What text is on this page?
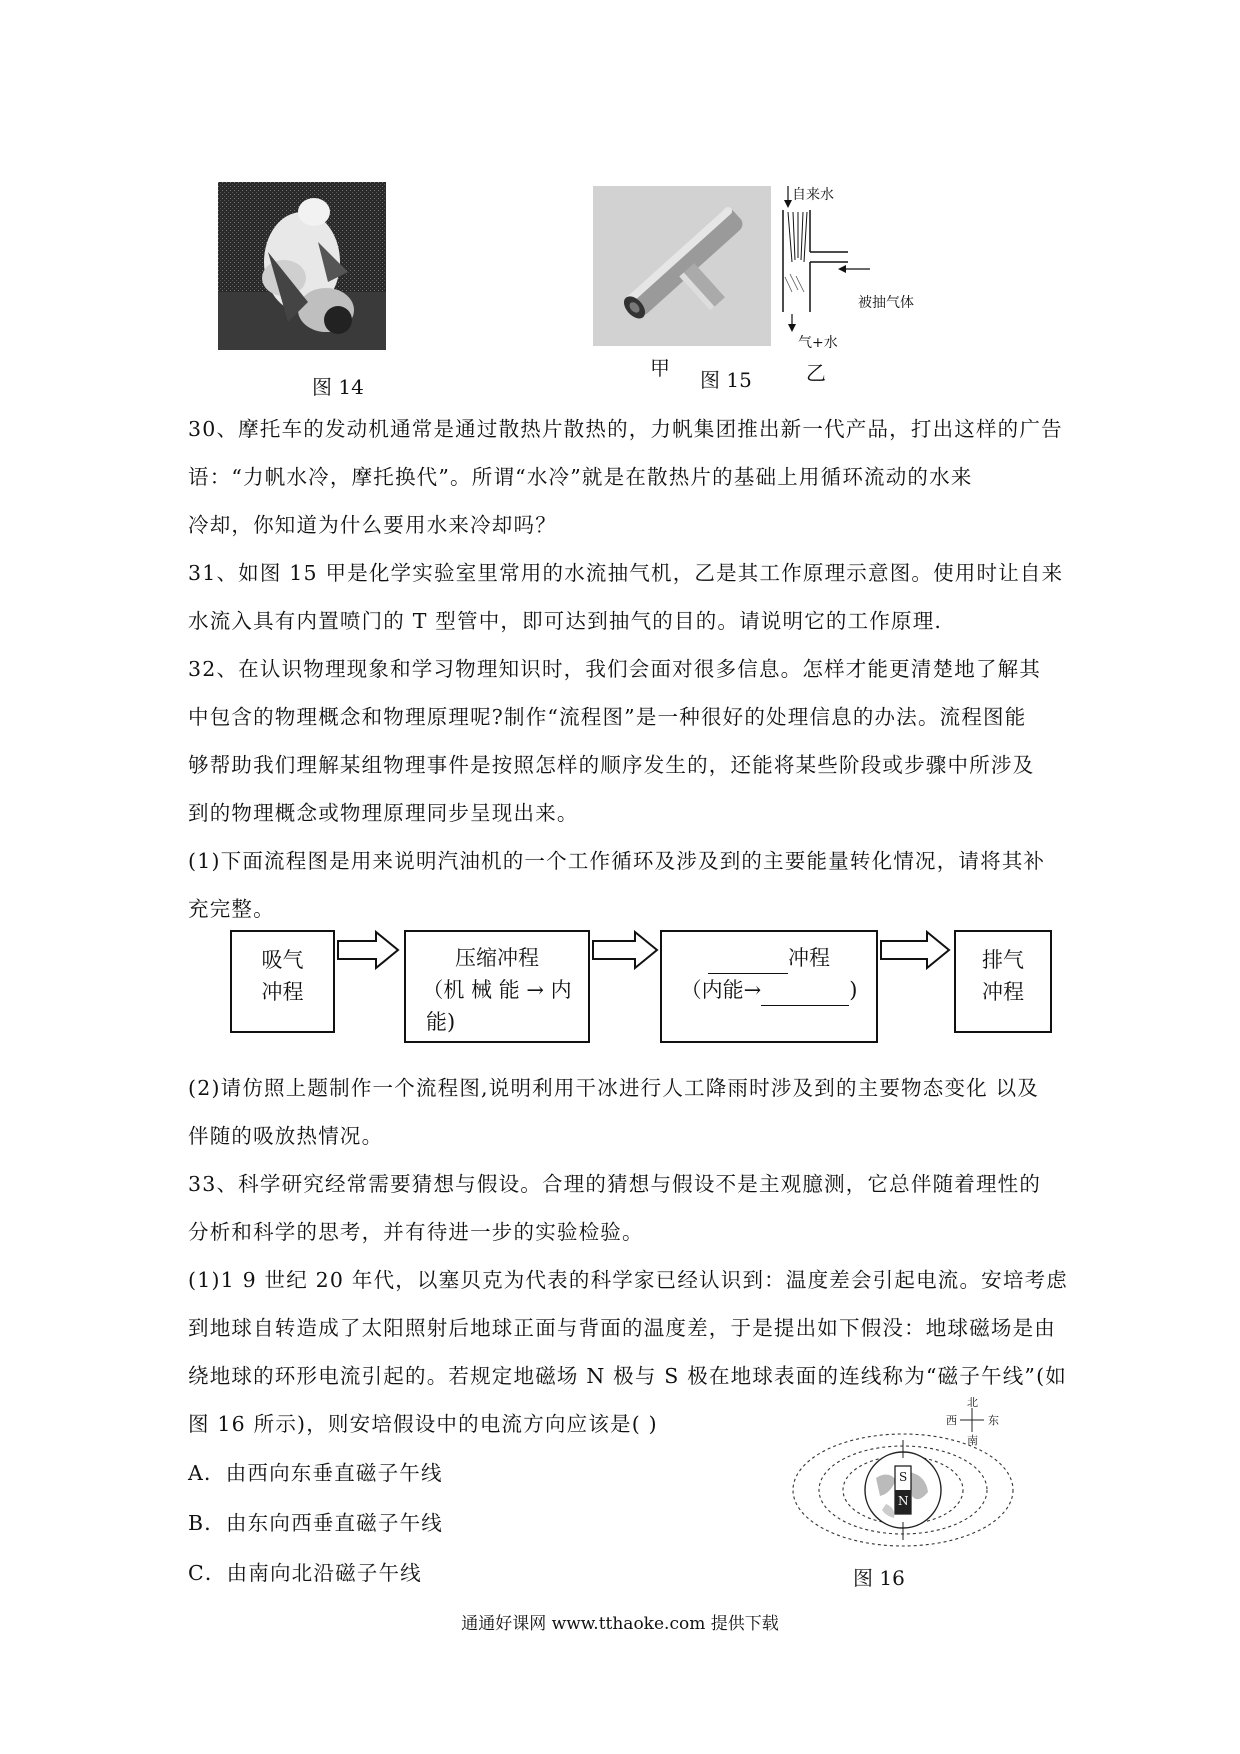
图 14
甲 图 15
自来水
被抽气体
气+水
乙
30、摩托车的发动机通常是通过散热片散热的，力帆集团推出新一代产品，打出这样的广告
语：“力帆水冷，摩托换代”。所谓“水冷”就是在散热片的基础上用循环流动的水来
冷却，你知道为什么要用水来冷却吗？
31、如图 15 甲是化学实验室里常用的水流抽气机，乙是其工作原理示意图。使用时让自来
水流入具有内置喷门的 T 型管中，即可达到抽气的目的。请说明它的工作原理.
32、在认识物理现象和学习物理知识时，我们会面对很多信息。怎样才能更清楚地了解其
中包含的物理概念和物理原理呢?制作“流程图”是一种很好的处理信息的办法。流程图能
够帮助我们理解某组物理事件是按照怎样的顺序发生的，还能将某些阶段或步骤中所涉及
到的物理概念或物理原理同步呈现出来。
(1)下面流程图是用来说明汽油机的一个工作循环及涉及到的主要能量转化情况，请将其补
充完整。
吸气
冲程
压缩冲程
（机 械 能 → 内
能)
冲程
（内能→	)
排气
冲程
(2)请仿照上题制作一个流程图,说明利用干冰进行人工降雨时涉及到的主要物态变化 以及
伴随的吸放热情况。
33、科学研究经常需要猜想与假设。合理的猜想与假设不是主观臆测，它总伴随着理性的
分析和科学的思考，并有待进一步的实验检验。
(1)1 9 世纪 20 年代，以塞贝克为代表的科学家已经认识到：温度差会引起电流。安培考虑
到地球自转造成了太阳照射后地球正面与背面的温度差，于是提出如下假没：地球磁场是由
绕地球的环形电流引起的。若规定地磁场 N 极与 S 极在地球表面的连线称为“磁子午线”(如
图 16 所示)，则安培假设中的电流方向应该是( )
A．由西向东垂直磁子午线
B．由东向西垂直磁子午线
C．由南向北沿磁子午线
北
南
西	东
S
N
图 16
通通好课网 www.tthaoke.com 提供下载
